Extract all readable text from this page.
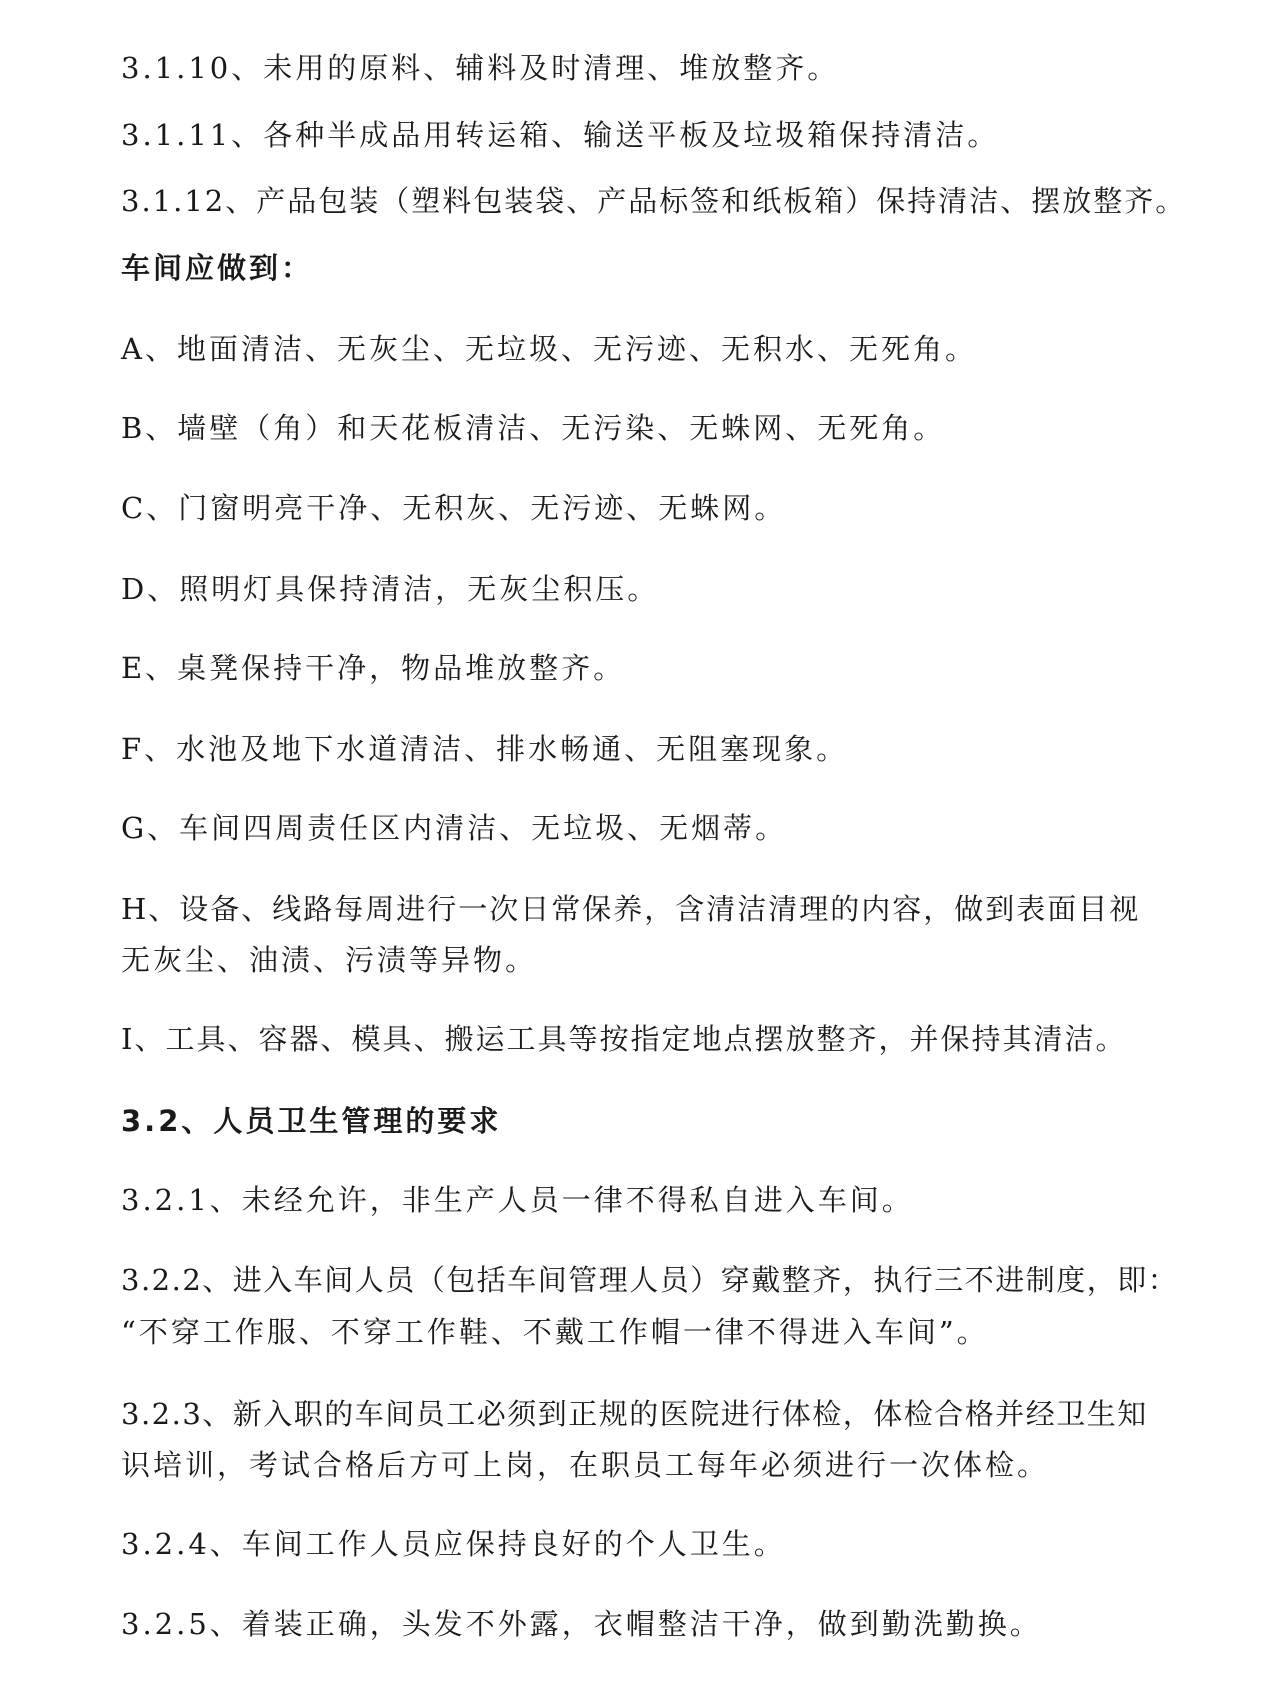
3.1.10、未用的原料、辅料及时清理、堆放整齐。
3.1.11、各种半成品用转运箱、输送平板及垃圾箱保持清洁。
3.1.12、产品包装（塑料包装袋、产品标签和纸板箱）保持清洁、摆放整齐。
车间应做到：
A、地面清洁、无灰尘、无垃圾、无污迹、无积水、无死角。
B、墙壁（角）和天花板清洁、无污染、无蛛网、无死角。
C、门窗明亮干净、无积灰、无污迹、无蛛网。
D、照明灯具保持清洁，无灰尘积压。
E、桌凳保持干净，物品堆放整齐。
F、水池及地下水道清洁、排水畅通、无阻塞现象。
G、车间四周责任区内清洁、无垃圾、无烟蒂。
H、设备、线路每周进行一次日常保养，含清洁清理的内容，做到表面目视
无灰尘、油渍、污渍等异物。
I、工具、容器、模具、搬运工具等按指定地点摆放整齐，并保持其清洁。
3.2、人员卫生管理的要求
3.2.1、未经允许，非生产人员一律不得私自进入车间。
3.2.2、进入车间人员（包括车间管理人员）穿戴整齐，执行三不进制度，即：
“不穿工作服、不穿工作鞋、不戴工作帽一律不得进入车间”。
3.2.3、新入职的车间员工必须到正规的医院进行体检，体检合格并经卫生知
识培训，考试合格后方可上岗，在职员工每年必须进行一次体检。
3.2.4、车间工作人员应保持良好的个人卫生。
3.2.5、着装正确，头发不外露，衣帽整洁干净，做到勤洗勤换。
